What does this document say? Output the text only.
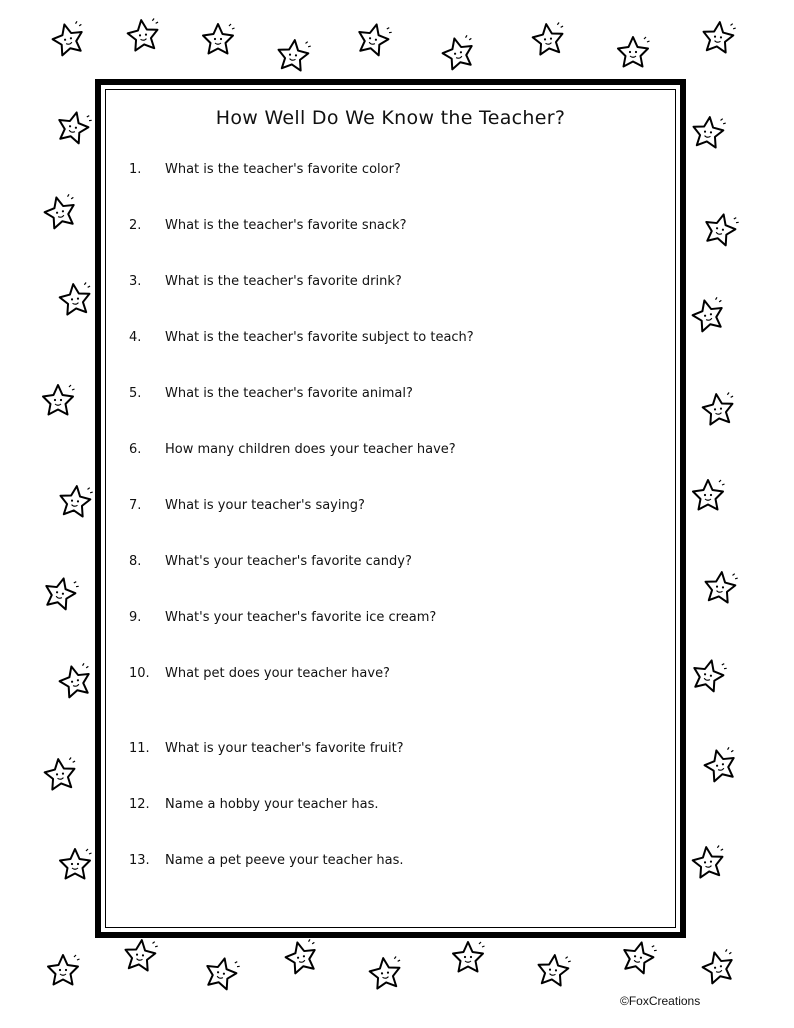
How Well Do We Know the Teacher?
1. What is the teacher's favorite color?
2. What is the teacher's favorite snack?
3. What is the teacher's favorite drink?
4. What is the teacher's favorite subject to teach?
5. What is the teacher's favorite animal?
6. How many children does your teacher have?
7. What is your teacher's saying?
8. What's your teacher's favorite candy?
9. What's your teacher's favorite ice cream?
10. What pet does your teacher have?
11. What is your teacher's favorite fruit?
12. Name a hobby your teacher has.
13. Name a pet peeve your teacher has.
©FoxCreations
